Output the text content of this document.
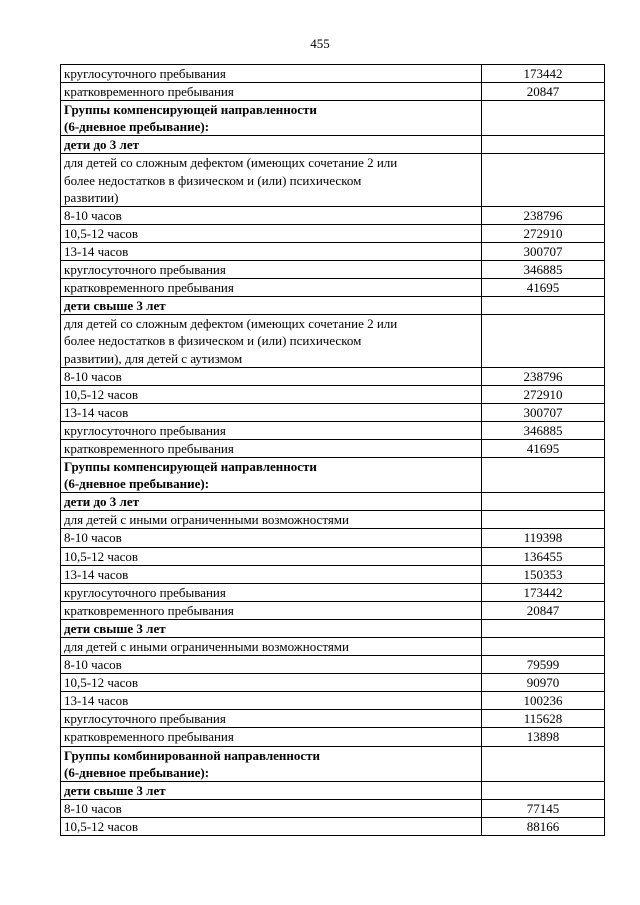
455
круглосуточного пребывания	173442
кратковременного пребывания	20847
Группы компенсирующей направленности
(6-дневное пребывание):	
дети до 3 лет	
для детей со сложным дефектом (имеющих сочетание 2 или
более недостатков в физическом и (или) психическом
развитии)	
8-10 часов	238796
10,5-12 часов	272910
13-14 часов	300707
круглосуточного пребывания	346885
кратковременного пребывания	41695
дети свыше 3 лет	
для детей со сложным дефектом (имеющих сочетание 2 или
более недостатков в физическом и (или) психическом
развитии), для детей с аутизмом	
8-10 часов	238796
10,5-12 часов	272910
13-14 часов	300707
круглосуточного пребывания	346885
кратковременного пребывания	41695
Группы компенсирующей направленности
(6-дневное пребывание):	
дети до 3 лет	
для детей с иными ограниченными возможностями	
8-10 часов	119398
10,5-12 часов	136455
13-14 часов	150353
круглосуточного пребывания	173442
кратковременного пребывания	20847
дети свыше 3 лет	
для детей с иными ограниченными возможностями	
8-10 часов	79599
10,5-12 часов	90970
13-14 часов	100236
круглосуточного пребывания	115628
кратковременного пребывания	13898
Группы комбинированной направленности
(6-дневное пребывание):	
дети свыше 3 лет	
8-10 часов	77145
10,5-12 часов	88166
